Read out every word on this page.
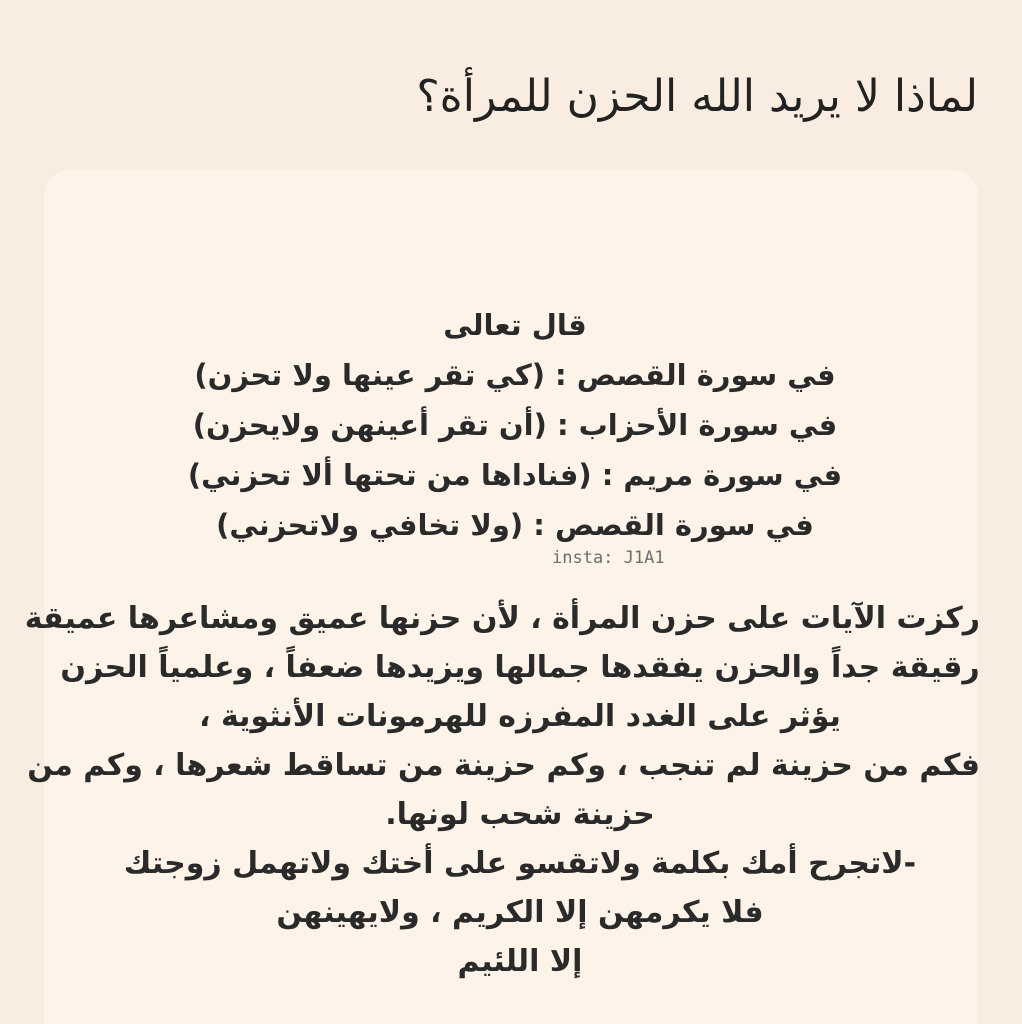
لماذا لا يريد الله الحزن للمرأة؟
قال تعالى
في سورة القصص : (كي تقر عينها ولا تحزن)
في سورة الأحزاب : (أن تقر أعينهن ولايحزن)
في سورة مريم : (فناداها من تحتها ألا تحزني)
في سورة القصص : (ولا تخافي ولاتحزني)
insta: J1A1
ركزت الآيات على حزن المرأة ، لأن حزنها عميق ومشاعرها عميقة
رقيقة جداً والحزن يفقدها جمالها ويزيدها ضعفاً ، وعلمياً الحزن
يؤثر على الغدد المفرزه للهرمونات الأنثوية ،
فكم من حزينة لم تنجب ، وكم حزينة من تساقط شعرها ، وكم من
حزينة شحب لونها.
-لاتجرح أمك بكلمة ولاتقسو على أختك ولاتهمل زوجتك
فلا يكرمهن إلا الكريم ، ولايهينهن
إلا اللئيم
